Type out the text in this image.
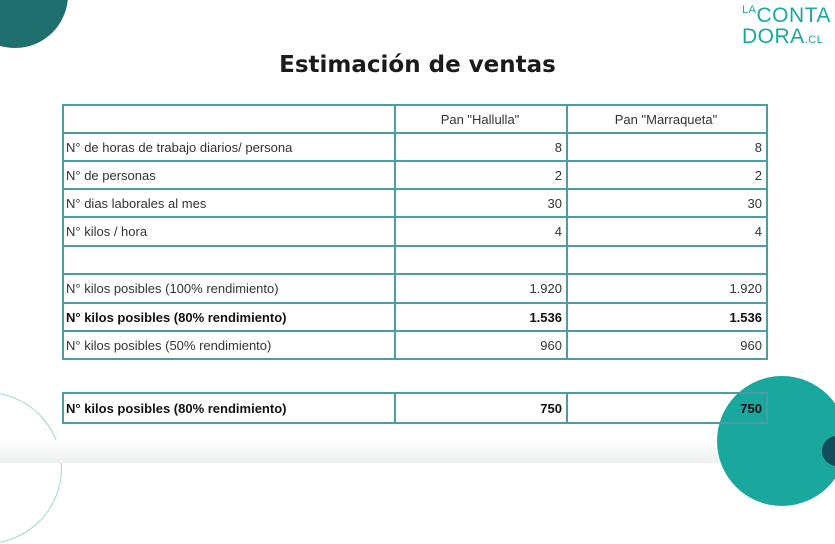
$^{LA}$CONTA
DORA.CL
Estimación de ventas
	Pan "Hallulla"	Pan "Marraqueta"
N° de horas de trabajo diarios/ persona	8	8
N° de personas	2	2
N° dias laborales al mes	30	30
N° kilos / hora	4	4

N° kilos posibles (100% rendimiento)	1.920	1.920
N° kilos posibles (80% rendimiento)	1.536	1.536
N° kilos posibles (50% rendimiento)	960	960
N° kilos posibles (80% rendimiento)	750	750
